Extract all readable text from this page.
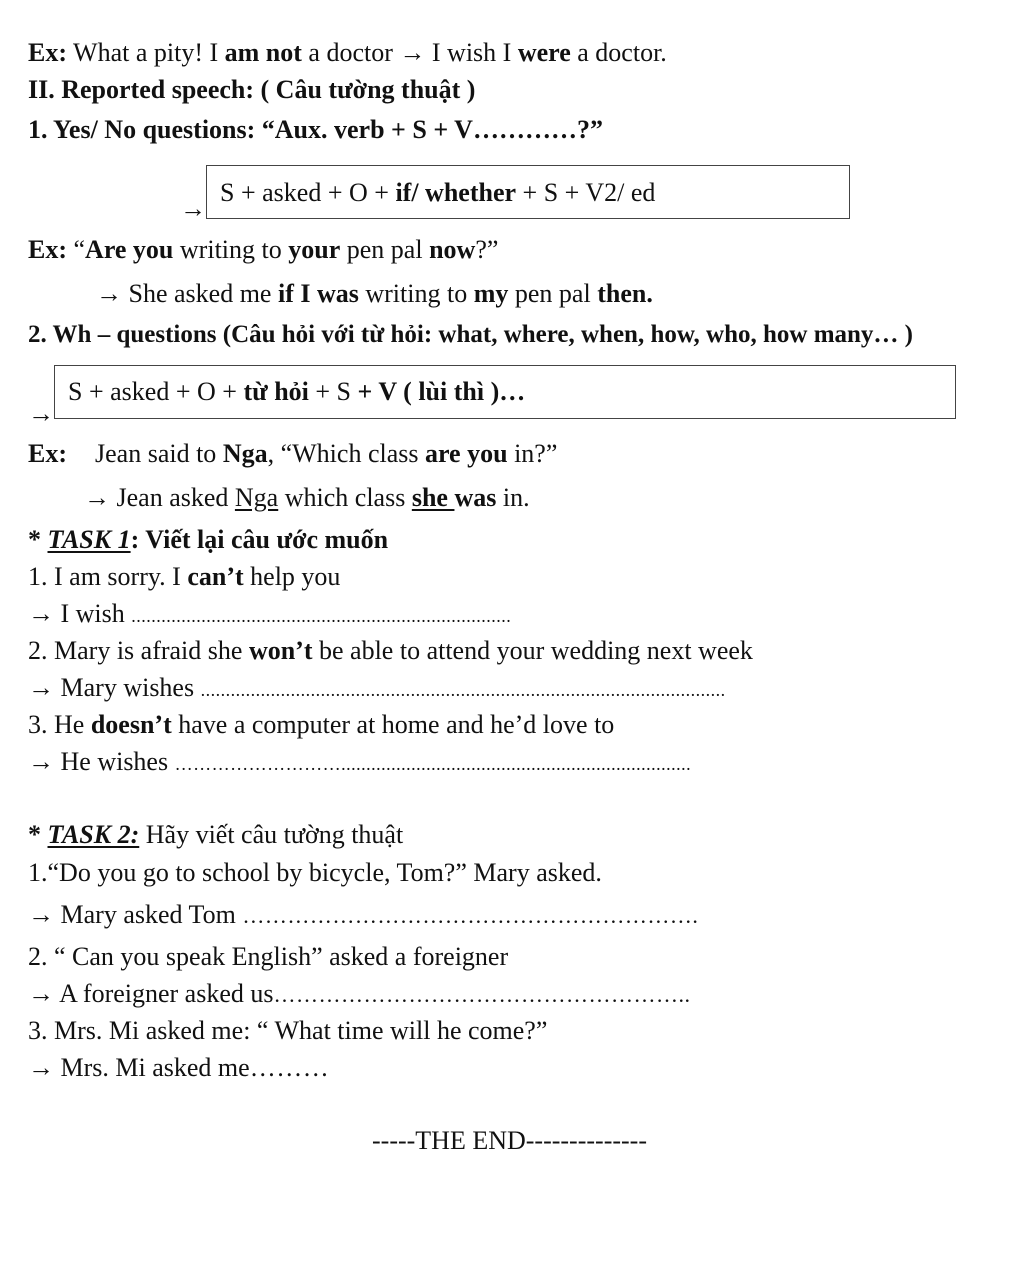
Ex: What a pity! I am not a doctor → I wish I were a doctor.
II. Reported speech: ( Câu tường thuật )
1. Yes/ No questions: “Aux. verb + S + V…………?”
→
S + asked + O + if/ whether + S + V2/ ed
Ex: “Are you writing to your pen pal now?”
→ She asked me if I was writing to my pen pal then.
2. Wh – questions (Câu hỏi với từ hỏi: what, where, when, how, who, how many… )
→
S + asked + O + từ hỏi + S + V ( lùi thì )…
Ex: Jean said to Nga, “Which class are you in?”
→ Jean asked Nga which class she was in.
* TASK 1: Viết lại câu ước muốn
1. I am sorry. I can’t help you
→ I wish ............................................................................
2. Mary is afraid she won’t be able to attend your wedding next week
→ Mary wishes .........................................................................................................
3. He doesn’t have a computer at home and he’d love to
→ He wishes ………………………......................................................................
* TASK 2: Hãy viết câu tường thuật
1.“Do you go to school by bicycle, Tom?” Mary asked.
→ Mary asked Tom …………………………………………………….
2. “ Can you speak English” asked a foreigner
→ A foreigner asked us………………………………………………..
3. Mrs. Mi asked me: “ What time will he come?”
→ Mrs. Mi asked me………
-----THE END--------------
